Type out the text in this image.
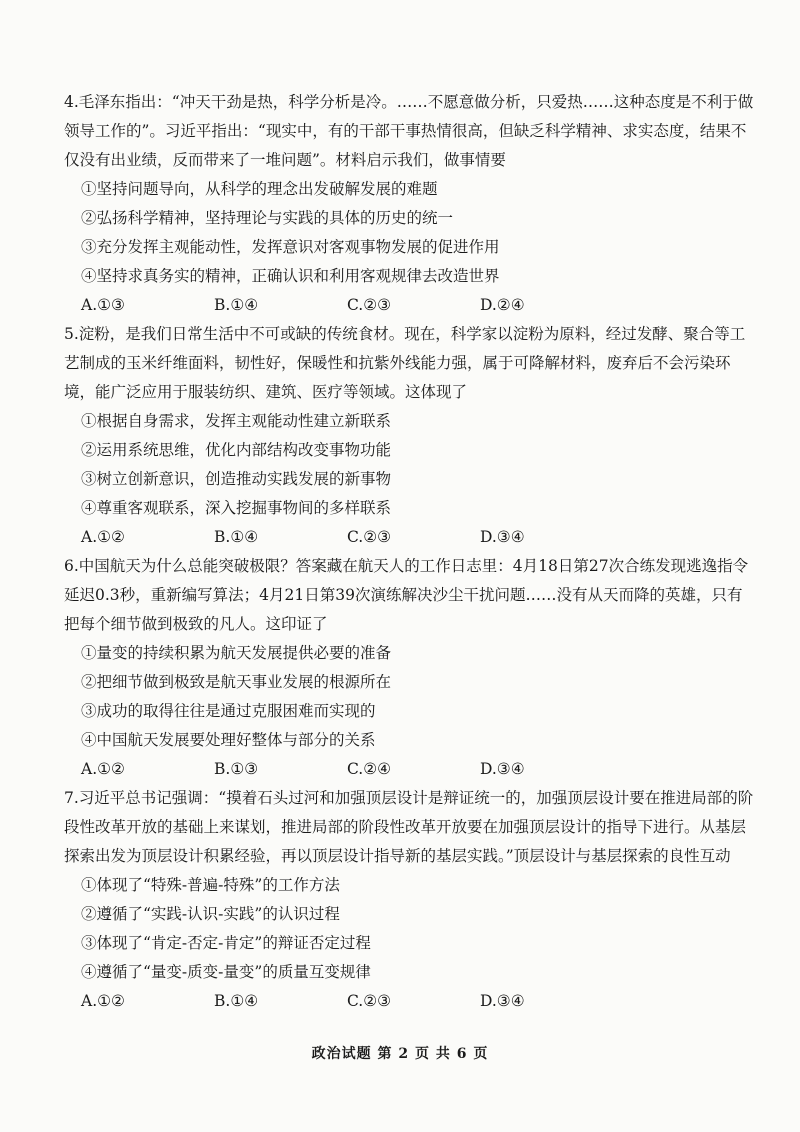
4.毛泽东指出：“冲天干劲是热，科学分析是冷。……不愿意做分析，只爱热……这种态度是不利于做领导工作的”。习近平指出：“现实中，有的干部干事热情很高，但缺乏科学精神、求实态度，结果不仅没有出业绩，反而带来了一堆问题”。材料启示我们，做事情要

①坚持问题导向，从科学的理念出发破解发展的难题

②弘扬科学精神，坚持理论与实践的具体的历史的统一

③充分发挥主观能动性，发挥意识对客观事物发展的促进作用

④坚持求真务实的精神，正确认识和利用客观规律去改造世界

A.①③	B.①④	C.②③	D.②④

5.淀粉，是我们日常生活中不可或缺的传统食材。现在，科学家以淀粉为原料，经过发酵、聚合等工艺制成的玉米纤维面料，韧性好，保暖性和抗紫外线能力强，属于可降解材料，废弃后不会污染环境，能广泛应用于服装纺织、建筑、医疗等领域。这体现了

①根据自身需求，发挥主观能动性建立新联系

②运用系统思维，优化内部结构改变事物功能

③树立创新意识，创造推动实践发展的新事物

④尊重客观联系，深入挖掘事物间的多样联系

A.①②	B.①④	C.②③	D.③④

6.中国航天为什么总能突破极限？答案藏在航天人的工作日志里：4月18日第27次合练发现逃逸指令延迟0.3秒，重新编写算法；4月21日第39次演练解决沙尘干扰问题……没有从天而降的英雄，只有把每个细节做到极致的凡人。这印证了

①量变的持续积累为航天发展提供必要的准备

②把细节做到极致是航天事业发展的根源所在

③成功的取得往往是通过克服困难而实现的

④中国航天发展要处理好整体与部分的关系

A.①②	B.①③	C.②④	D.③④

7.习近平总书记强调：“摸着石头过河和加强顶层设计是辩证统一的，加强顶层设计要在推进局部的阶段性改革开放的基础上来谋划，推进局部的阶段性改革开放要在加强顶层设计的指导下进行。从基层探索出发为顶层设计积累经验，再以顶层设计指导新的基层实践。”顶层设计与基层探索的良性互动

①体现了“特殊-普遍-特殊”的工作方法

②遵循了“实践-认识-实践”的认识过程

③体现了“肯定-否定-肯定”的辩证否定过程

④遵循了“量变-质变-量变”的质量互变规律

A.①②	B.①④	C.②③	D.③④
政治试题 第 2 页 共 6 页
